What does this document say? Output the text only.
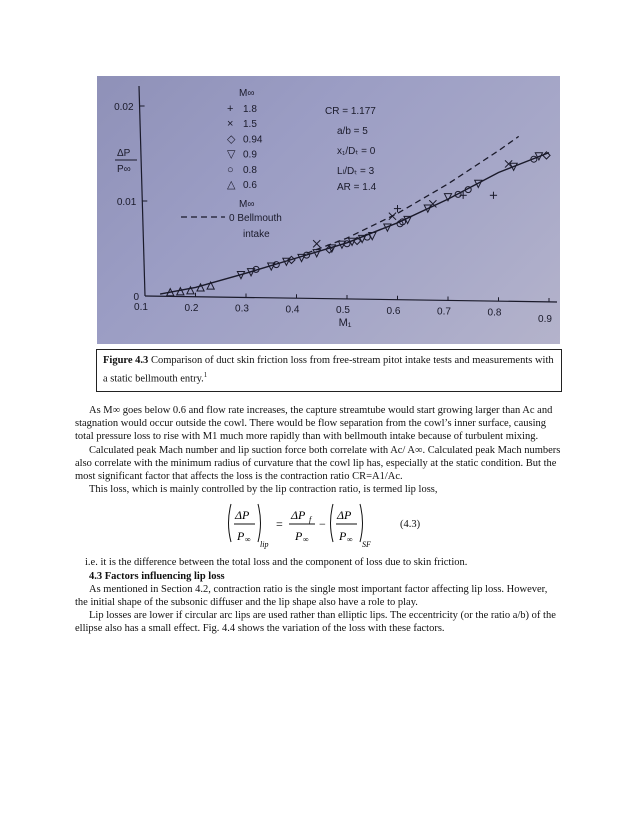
0.1	0.2	0.3	0.4	0.5	0.6	0.7	0.8
0.9
0.02
0.01
0
ΔP
P∞
M₁
M∞
+ 1.8
× 1.5
◇ 0.94
▽ 0.9
○ 0.8
△ 0.6
M∞
0 Bellmouth
intake
CR = 1.177
a/b = 5
x₁/Dₜ = 0
Lₗ/Dₜ = 3
AR = 1.4
Figure 4.3 Comparison of duct skin friction loss from free-stream pitot intake tests and measurements with a static bellmouth entry.$^1$

As M∞ goes below 0.6 and flow rate increases, the capture streamtube would start growing larger than Ac and stagnation would occur outside the cowl. There would be flow separation from the cowl’s inner surface, causing total pressure loss to rise with M1 much more rapidly than with bellmouth intake because of turbulent mixing.

Calculated peak Mach number and lip suction force both correlate with Ac/ A∞. Calculated peak Mach numbers also correlate with the minimum radius of curvature that the cowl lip has, especially at the static condition. But the most significant factor that affects the loss is the contraction ratio CR=A1/Ac.

This loss, which is mainly controlled by the lip contraction ratio, is termed lip loss,

ΔP
P ∞
lip
=
ΔP f
P ∞
−
ΔP
P ∞
SF
(4.3)

i.e. it is the difference between the total loss and the component of loss due to skin friction.

4.3 Factors influencing lip loss

As mentioned in Section 4.2, contraction ratio is the single most important factor affecting lip loss. However, the initial shape of the subsonic diffuser and the lip shape also have a role to play.

Lip losses are lower if circular arc lips are used rather than elliptic lips. The eccentricity (or the ratio a/b) of the ellipse also has a small effect. Fig. 4.4 shows the variation of the loss with these factors.
